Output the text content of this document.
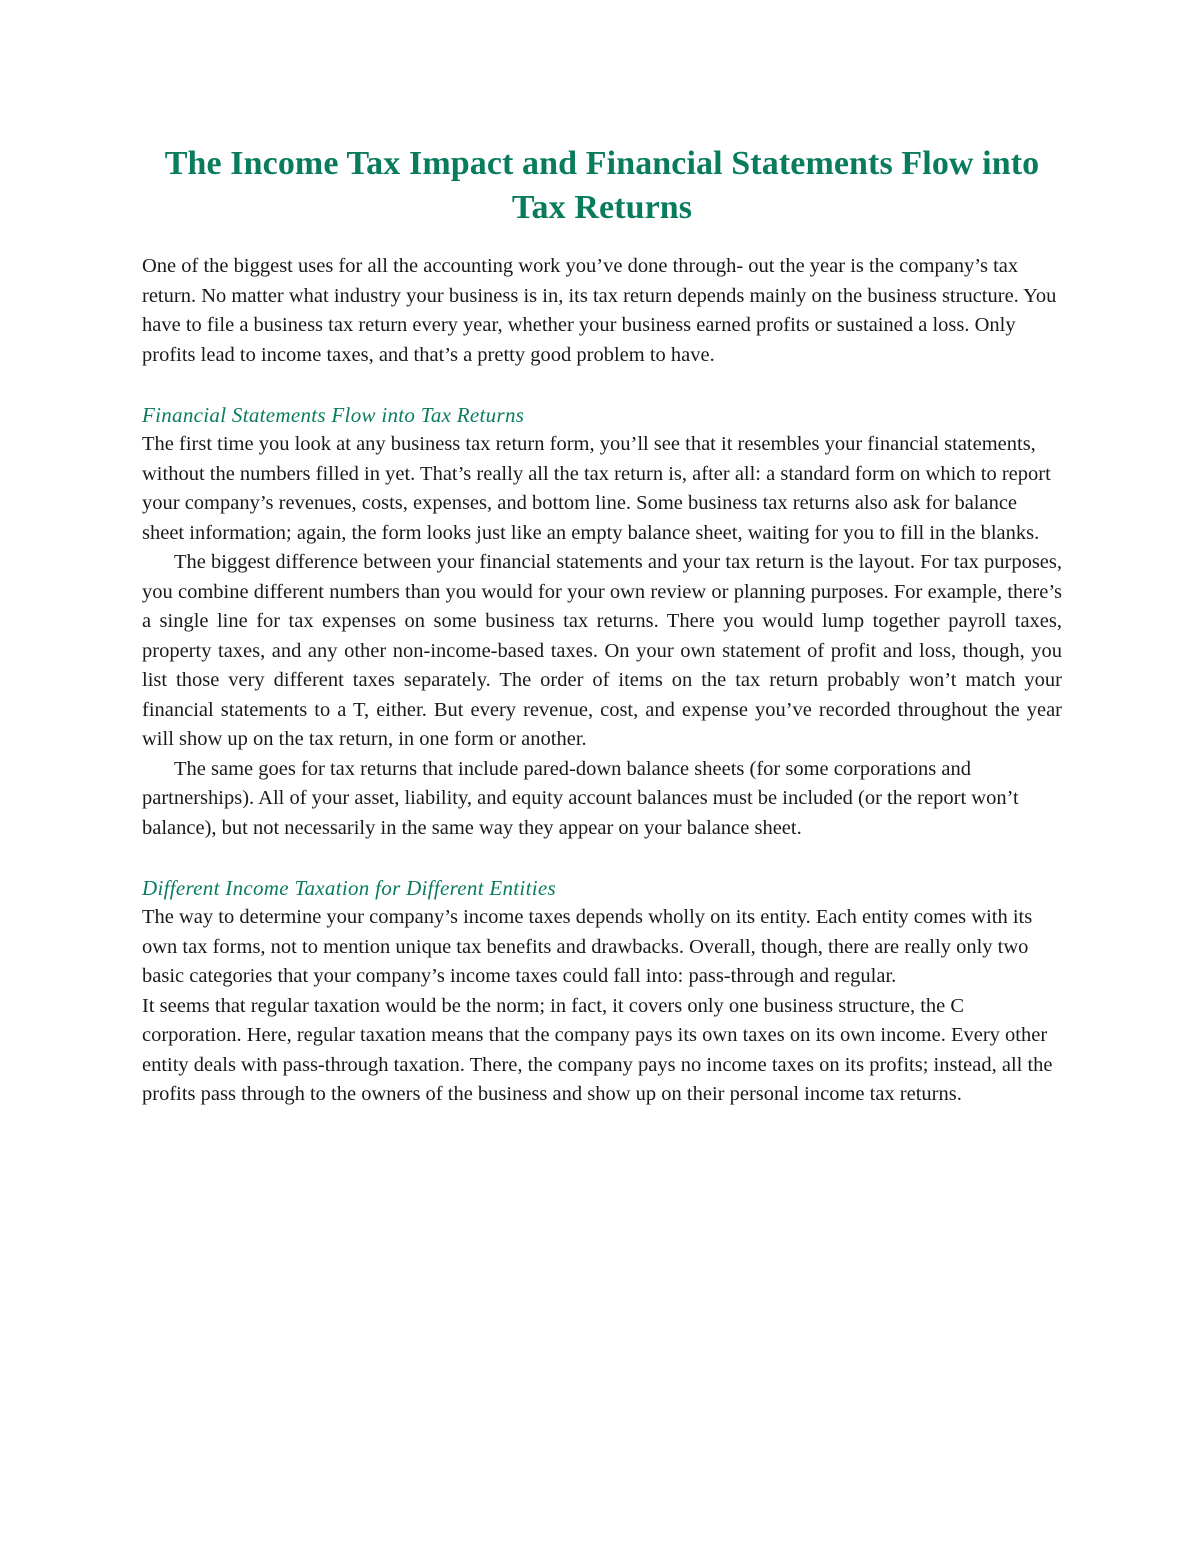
The Income Tax Impact and Financial Statements Flow into
Tax Returns

One of the biggest uses for all the accounting work you’ve done through- out the year is the company’s tax return. No matter what industry your business is in, its tax return depends mainly on the business structure. You have to file a business tax return every year, whether your business earned profits or sustained a loss. Only profits lead to income taxes, and that’s a pretty good problem to have.

Financial Statements Flow into Tax Returns

The first time you look at any business tax return form, you’ll see that it resembles your financial statements, without the numbers filled in yet. That’s really all the tax return is, after all: a standard form on which to report your company’s revenues, costs, expenses, and bottom line. Some business tax returns also ask for balance sheet information; again, the form looks just like an empty balance sheet, waiting for you to fill in the blanks.

The biggest difference between your financial statements and your tax return is the layout. For tax purposes, you combine different numbers than you would for your own review or planning purposes. For example, there’s a single line for tax expenses on some business tax returns. There you would lump together payroll taxes, property taxes, and any other non-income-based taxes. On your own statement of profit and loss, though, you list those very different taxes separately. The order of items on the tax return probably won’t match your financial statements to a T, either. But every revenue, cost, and expense you’ve recorded throughout the year will show up on the tax return, in one form or another.

The same goes for tax returns that include pared-down balance sheets (for some corporations and partnerships). All of your asset, liability, and equity account balances must be included (or the report won’t balance), but not necessarily in the same way they appear on your balance sheet.

Different Income Taxation for Different Entities

The way to determine your company’s income taxes depends wholly on its entity. Each entity comes with its own tax forms, not to mention unique tax benefits and drawbacks. Overall, though, there are really only two basic categories that your company’s income taxes could fall into: pass-through and regular.

It seems that regular taxation would be the norm; in fact, it covers only one business structure, the C corporation. Here, regular taxation means that the company pays its own taxes on its own income. Every other entity deals with pass-through taxation. There, the company pays no income taxes on its profits; instead, all the profits pass through to the owners of the business and show up on their personal income tax returns.
